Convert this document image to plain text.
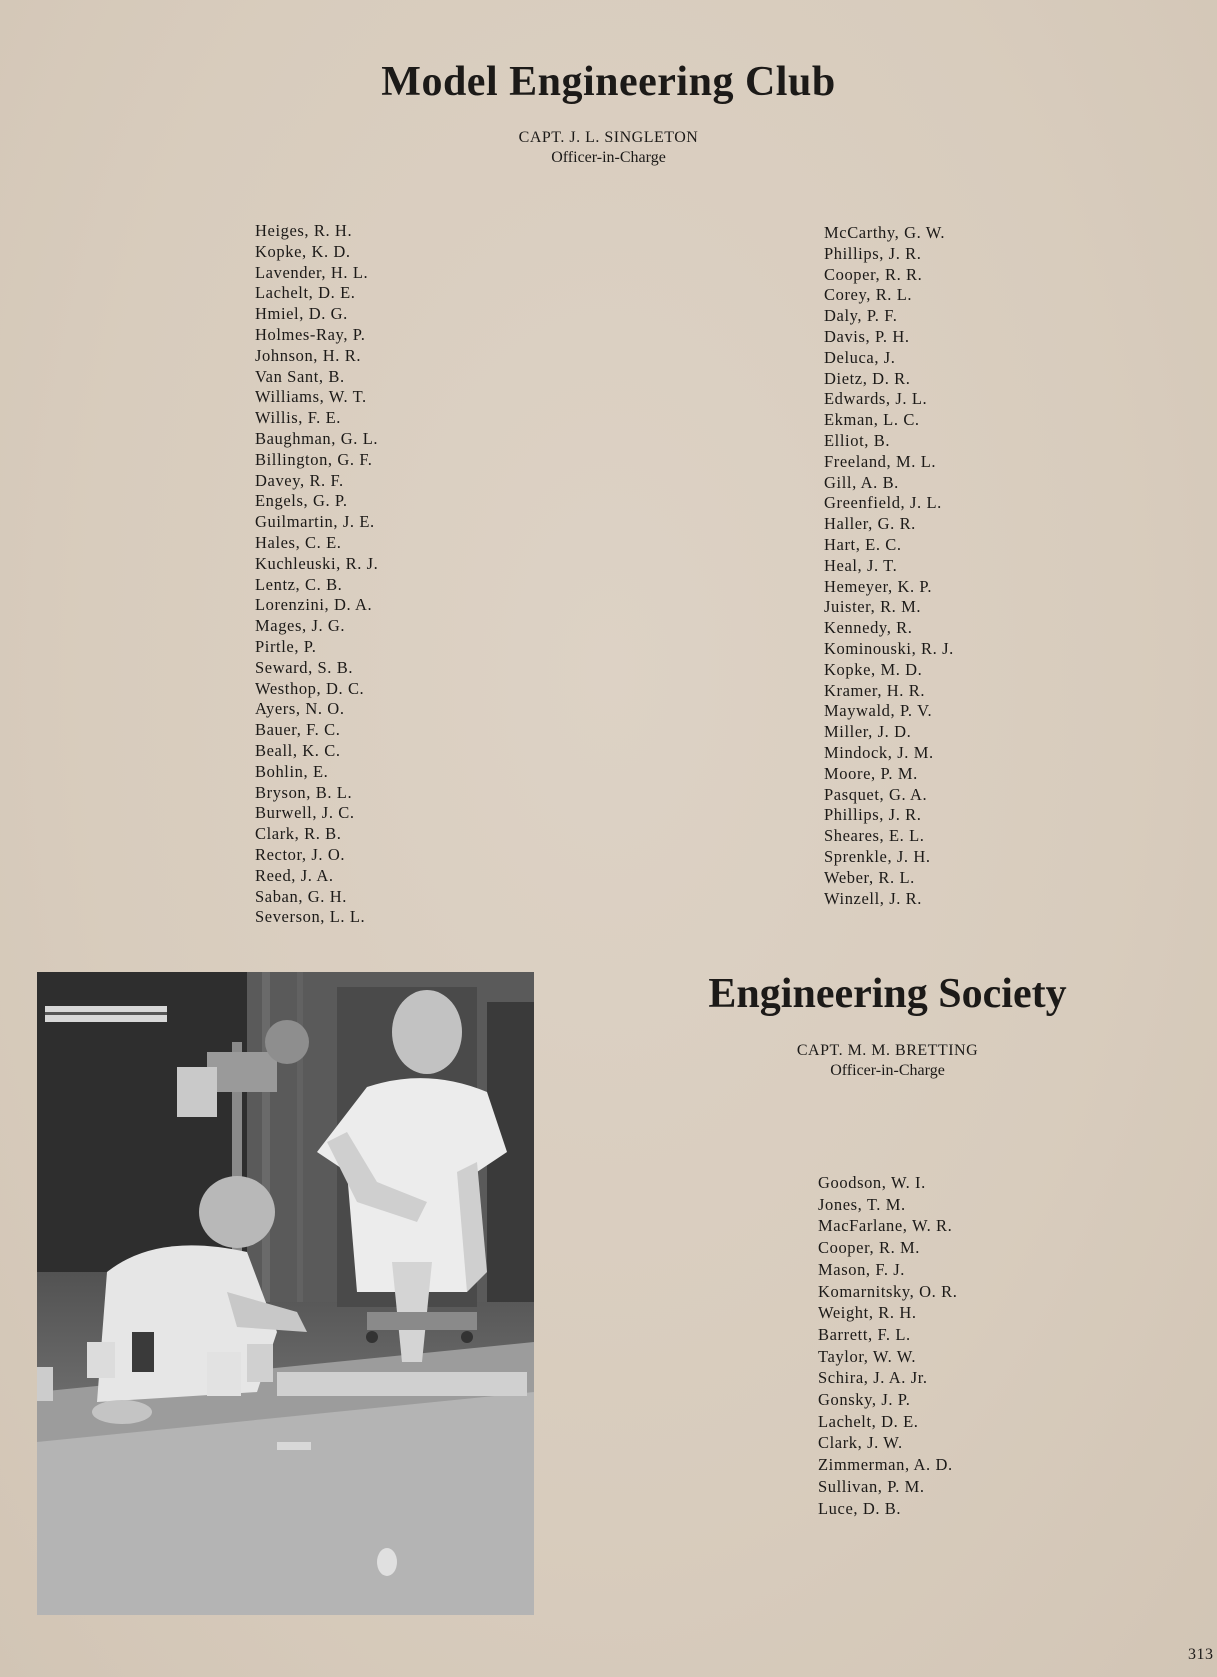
Model Engineering Club
CAPT. J. L. SINGLETON
Officer-in-Charge
Heiges, R. H.
Kopke, K. D.
Lavender, H. L.
Lachelt, D. E.
Hmiel, D. G.
Holmes-Ray, P.
Johnson, H. R.
Van Sant, B.
Williams, W. T.
Willis, F. E.
Baughman, G. L.
Billington, G. F.
Davey, R. F.
Engels, G. P.
Guilmartin, J. E.
Hales, C. E.
Kuchleuski, R. J.
Lentz, C. B.
Lorenzini, D. A.
Mages, J. G.
Pirtle, P.
Seward, S. B.
Westhop, D. C.
Ayers, N. O.
Bauer, F. C.
Beall, K. C.
Bohlin, E.
Bryson, B. L.
Burwell, J. C.
Clark, R. B.
Rector, J. O.
Reed, J. A.
Saban, G. H.
Severson, L. L.
McCarthy, G. W.
Phillips, J. R.
Cooper, R. R.
Corey, R. L.
Daly, P. F.
Davis, P. H.
Deluca, J.
Dietz, D. R.
Edwards, J. L.
Ekman, L. C.
Elliot, B.
Freeland, M. L.
Gill, A. B.
Greenfield, J. L.
Haller, G. R.
Hart, E. C.
Heal, J. T.
Hemeyer, K. P.
Juister, R. M.
Kennedy, R.
Kominouski, R. J.
Kopke, M. D.
Kramer, H. R.
Maywald, P. V.
Miller, J. D.
Mindock, J. M.
Moore, P. M.
Pasquet, G. A.
Phillips, J. R.
Sheares, E. L.
Sprenkle, J. H.
Weber, R. L.
Winzell, J. R.
Engineering Society
CAPT. M. M. BRETTING
Officer-in-Charge
Goodson, W. I.
Jones, T. M.
MacFarlane, W. R.
Cooper, R. M.
Mason, F. J.
Komarnitsky, O. R.
Weight, R. H.
Barrett, F. L.
Taylor, W. W.
Schira, J. A. Jr.
Gonsky, J. P.
Lachelt, D. E.
Clark, J. W.
Zimmerman, A. D.
Sullivan, P. M.
Luce, D. B.
313
